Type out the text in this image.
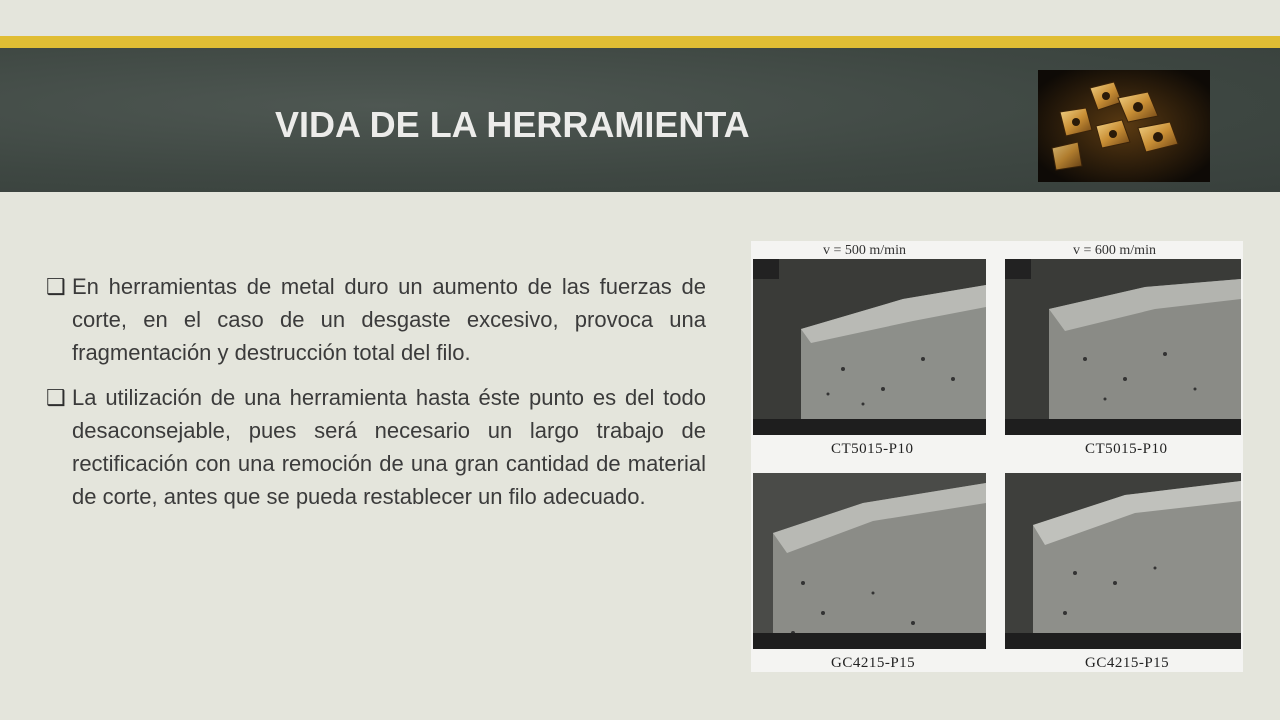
VIDA DE LA HERRAMIENTA
❑ En herramientas de metal duro un aumento de las fuerzas de corte, en el caso de un desgaste excesivo, provoca una fragmentación y destrucción total del filo.
❑ La utilización de una herramienta hasta éste punto es del todo desaconsejable, pues será necesario un largo trabajo de rectificación con una remoción de una gran cantidad de material de corte, antes que se pueda restablecer un filo adecuado.
v = 500 m/min	v = 600 m/min
CT5015-P10	CT5015-P10
GC4215-P15	GC4215-P15
